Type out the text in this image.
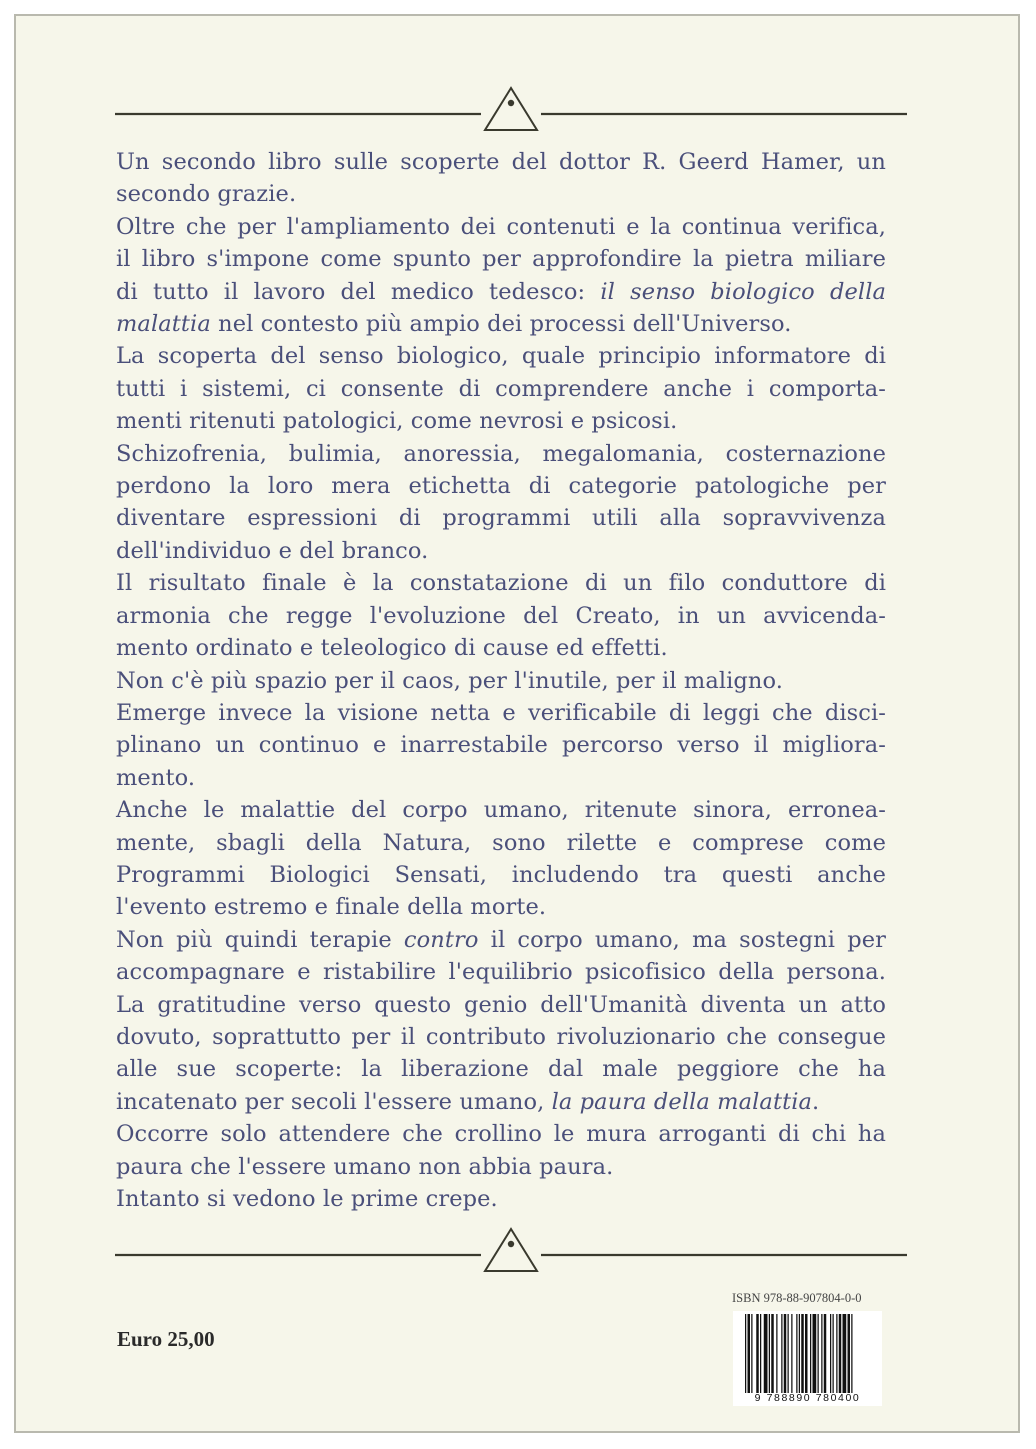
Un secondo libro sulle scoperte del dottor R. Geerd Hamer, un

secondo grazie.

Oltre che per l'ampliamento dei contenuti e la continua verifica,

il libro s'impone come spunto per approfondire la pietra miliare

di tutto il lavoro del medico tedesco: il senso biologico della

malattia nel contesto più ampio dei processi dell'Universo.

La scoperta del senso biologico, quale principio informatore di

tutti i sistemi, ci consente di comprendere anche i comporta-

menti ritenuti patologici, come nevrosi e psicosi.

Schizofrenia, bulimia, anoressia, megalomania, costernazione

perdono la loro mera etichetta di categorie patologiche per

diventare espressioni di programmi utili alla sopravvivenza

dell'individuo e del branco.

Il risultato finale è la constatazione di un filo conduttore di

armonia che regge l'evoluzione del Creato, in un avvicenda-

mento ordinato e teleologico di cause ed effetti.

Non c'è più spazio per il caos, per l'inutile, per il maligno.

Emerge invece la visione netta e verificabile di leggi che disci-

plinano un continuo e inarrestabile percorso verso il migliora-

mento.

Anche le malattie del corpo umano, ritenute sinora, erronea-

mente, sbagli della Natura, sono rilette e comprese come

Programmi Biologici Sensati, includendo tra questi anche

l'evento estremo e finale della morte.

Non più quindi terapie contro il corpo umano, ma sostegni per

accompagnare e ristabilire l'equilibrio psicofisico della persona.

La gratitudine verso questo genio dell'Umanità diventa un atto

dovuto, soprattutto per il contributo rivoluzionario che consegue

alle sue scoperte: la liberazione dal male peggiore che ha

incatenato per secoli l'essere umano, la paura della malattia.

Occorre solo attendere che crollino le mura arroganti di chi ha

paura che l'essere umano non abbia paura.

Intanto si vedono le prime crepe.

Euro 25,00
ISBN 978-88-907804-0-0
9 788890 780400
